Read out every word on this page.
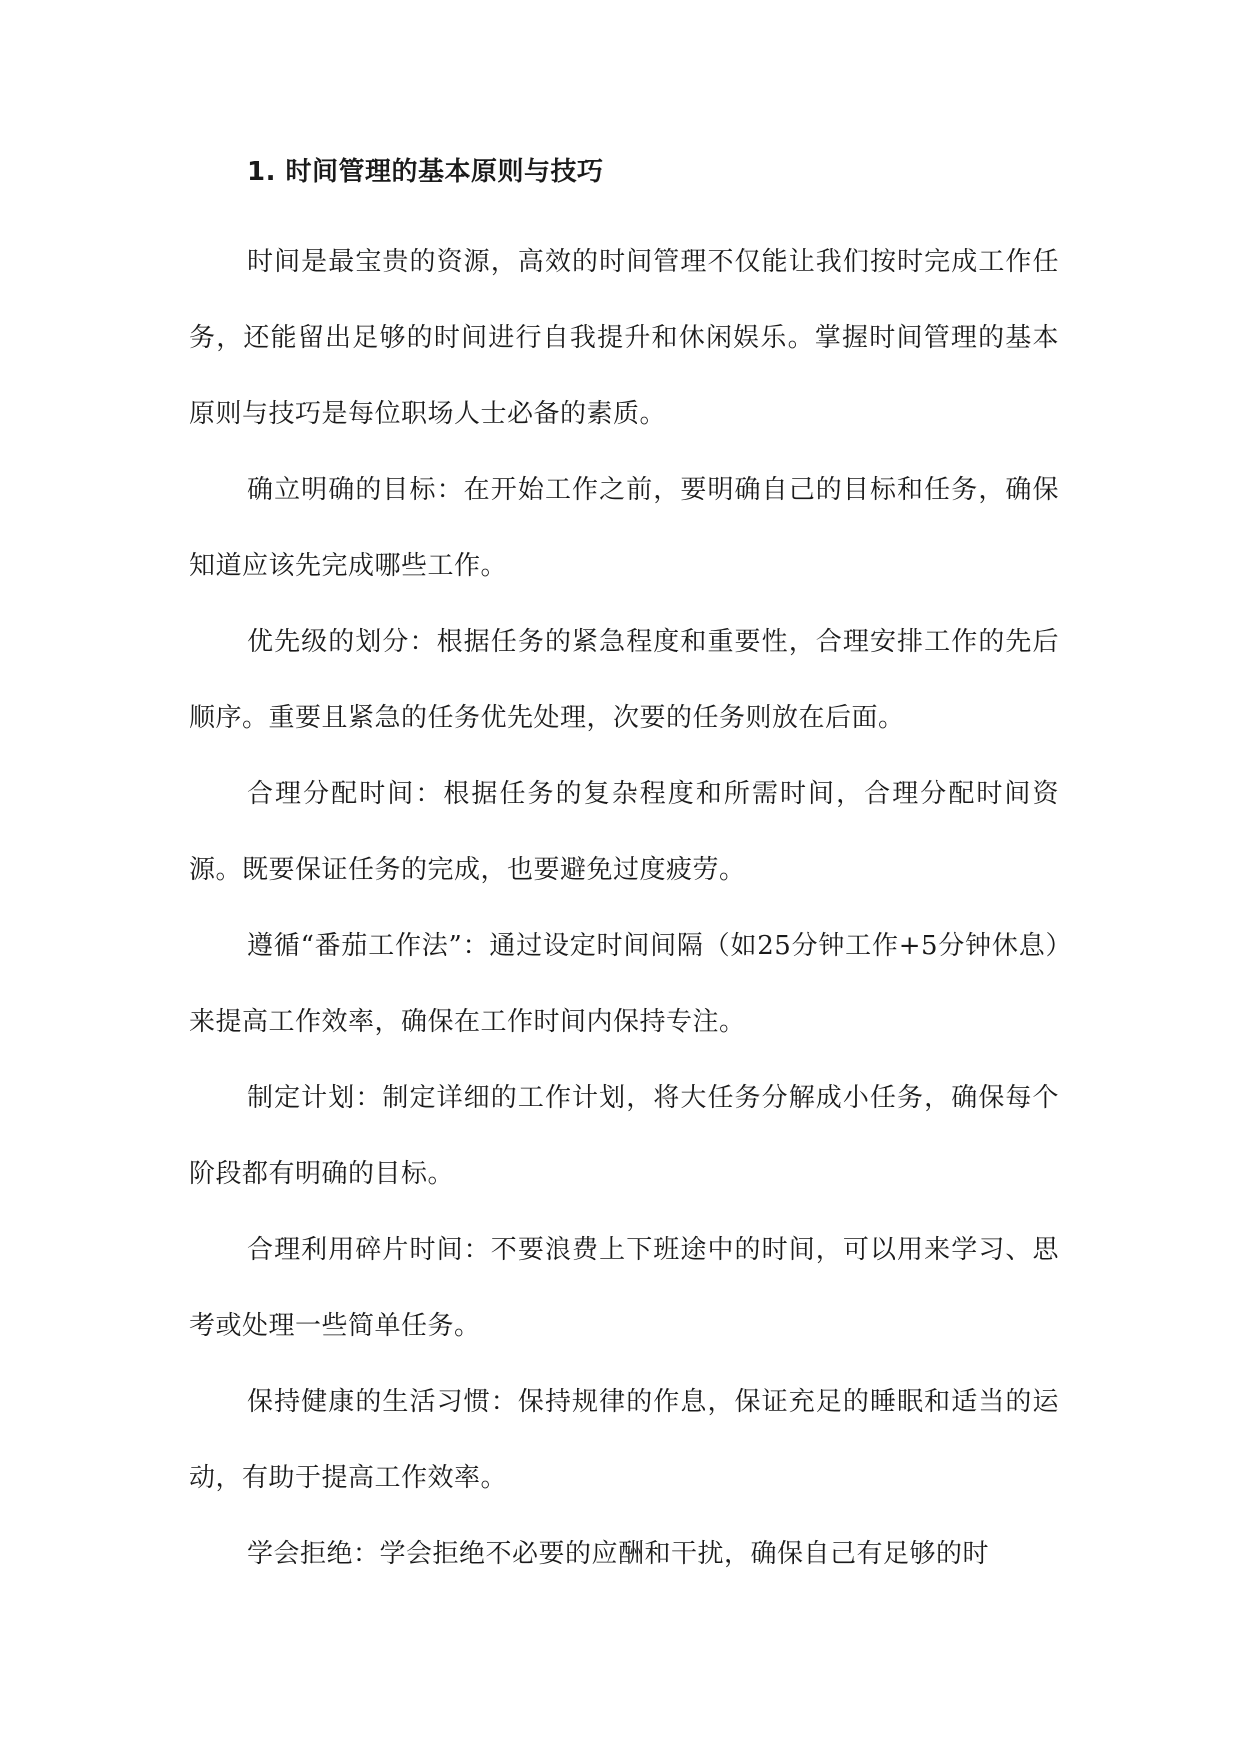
1. 时间管理的基本原则与技巧

时间是最宝贵的资源，高效的时间管理不仅能让我们按时完成工作任务，还能留出足够的时间进行自我提升和休闲娱乐。掌握时间管理的基本原则与技巧是每位职场人士必备的素质。

确立明确的目标：在开始工作之前，要明确自己的目标和任务，确保知道应该先完成哪些工作。

优先级的划分：根据任务的紧急程度和重要性，合理安排工作的先后顺序。重要且紧急的任务优先处理，次要的任务则放在后面。

合理分配时间：根据任务的复杂程度和所需时间，合理分配时间资源。既要保证任务的完成，也要避免过度疲劳。

遵循“番茄工作法”：通过设定时间间隔（如25分钟工作+5分钟休息）来提高工作效率，确保在工作时间内保持专注。

制定计划：制定详细的工作计划，将大任务分解成小任务，确保每个阶段都有明确的目标。

合理利用碎片时间：不要浪费上下班途中的时间，可以用来学习、思考或处理一些简单任务。

保持健康的生活习惯：保持规律的作息，保证充足的睡眠和适当的运动，有助于提高工作效率。

学会拒绝：学会拒绝不必要的应酬和干扰，确保自己有足够的时
